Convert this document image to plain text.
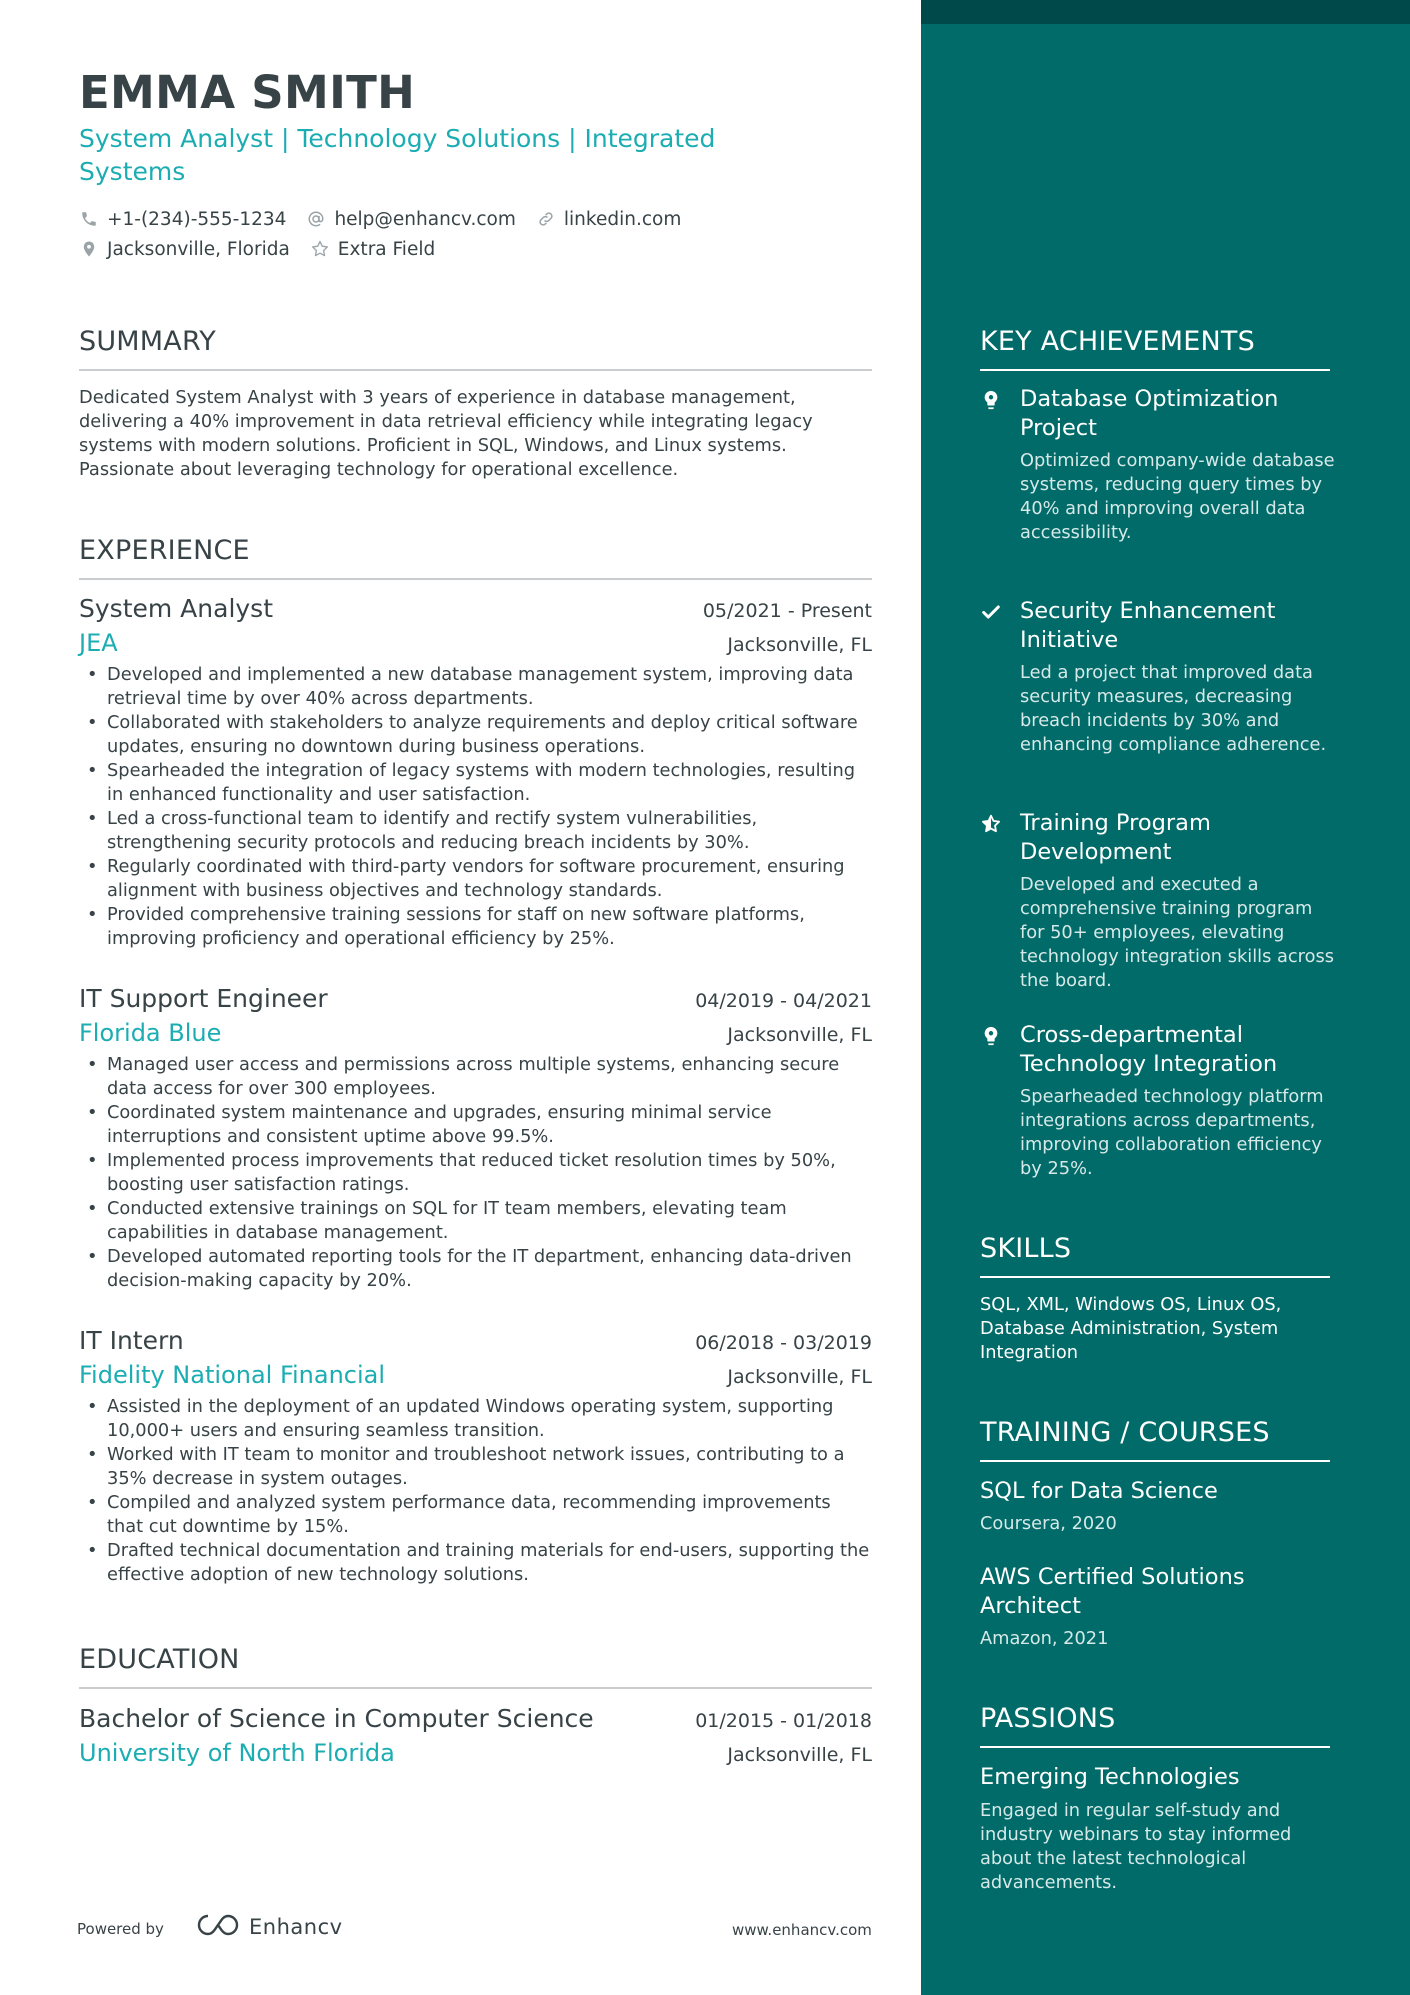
EMMA SMITH
System Analyst | Technology Solutions | Integrated Systems
+1-(234)-555-1234	help@enhancv.com	linkedin.com
Jacksonville, Florida	Extra Field
SUMMARY
Dedicated System Analyst with 3 years of experience in database management, delivering a 40% improvement in data retrieval efficiency while integrating legacy systems with modern solutions. Proficient in SQL, Windows, and Linux systems. Passionate about leveraging technology for operational excellence.
EXPERIENCE
System Analyst	05/2021 - Present
JEA	Jacksonville, FL
• Developed and implemented a new database management system, improving data retrieval time by over 40% across departments.
• Collaborated with stakeholders to analyze requirements and deploy critical software updates, ensuring no downtown during business operations.
• Spearheaded the integration of legacy systems with modern technologies, resulting in enhanced functionality and user satisfaction.
• Led a cross-functional team to identify and rectify system vulnerabilities, strengthening security protocols and reducing breach incidents by 30%.
• Regularly coordinated with third-party vendors for software procurement, ensuring alignment with business objectives and technology standards.
• Provided comprehensive training sessions for staff on new software platforms, improving proficiency and operational efficiency by 25%.
IT Support Engineer	04/2019 - 04/2021
Florida Blue	Jacksonville, FL
• Managed user access and permissions across multiple systems, enhancing secure data access for over 300 employees.
• Coordinated system maintenance and upgrades, ensuring minimal service interruptions and consistent uptime above 99.5%.
• Implemented process improvements that reduced ticket resolution times by 50%, boosting user satisfaction ratings.
• Conducted extensive trainings on SQL for IT team members, elevating team capabilities in database management.
• Developed automated reporting tools for the IT department, enhancing data-driven decision-making capacity by 20%.
IT Intern	06/2018 - 03/2019
Fidelity National Financial	Jacksonville, FL
• Assisted in the deployment of an updated Windows operating system, supporting 10,000+ users and ensuring seamless transition.
• Worked with IT team to monitor and troubleshoot network issues, contributing to a 35% decrease in system outages.
• Compiled and analyzed system performance data, recommending improvements that cut downtime by 15%.
• Drafted technical documentation and training materials for end-users, supporting the effective adoption of new technology solutions.
EDUCATION
Bachelor of Science in Computer Science	01/2015 - 01/2018
University of North Florida	Jacksonville, FL
KEY ACHIEVEMENTS
Database Optimization Project
Optimized company-wide database systems, reducing query times by 40% and improving overall data accessibility.
Security Enhancement Initiative
Led a project that improved data security measures, decreasing breach incidents by 30% and enhancing compliance adherence.
Training Program Development
Developed and executed a comprehensive training program for 50+ employees, elevating technology integration skills across the board.
Cross-departmental Technology Integration
Spearheaded technology platform integrations across departments, improving collaboration efficiency by 25%.
SKILLS
SQL, XML, Windows OS, Linux OS, Database Administration, System Integration
TRAINING / COURSES
SQL for Data Science
Coursera, 2020
AWS Certified Solutions Architect
Amazon, 2021
PASSIONS
Emerging Technologies
Engaged in regular self-study and industry webinars to stay informed about the latest technological advancements.
Powered by	Enhancv	www.enhancv.com
